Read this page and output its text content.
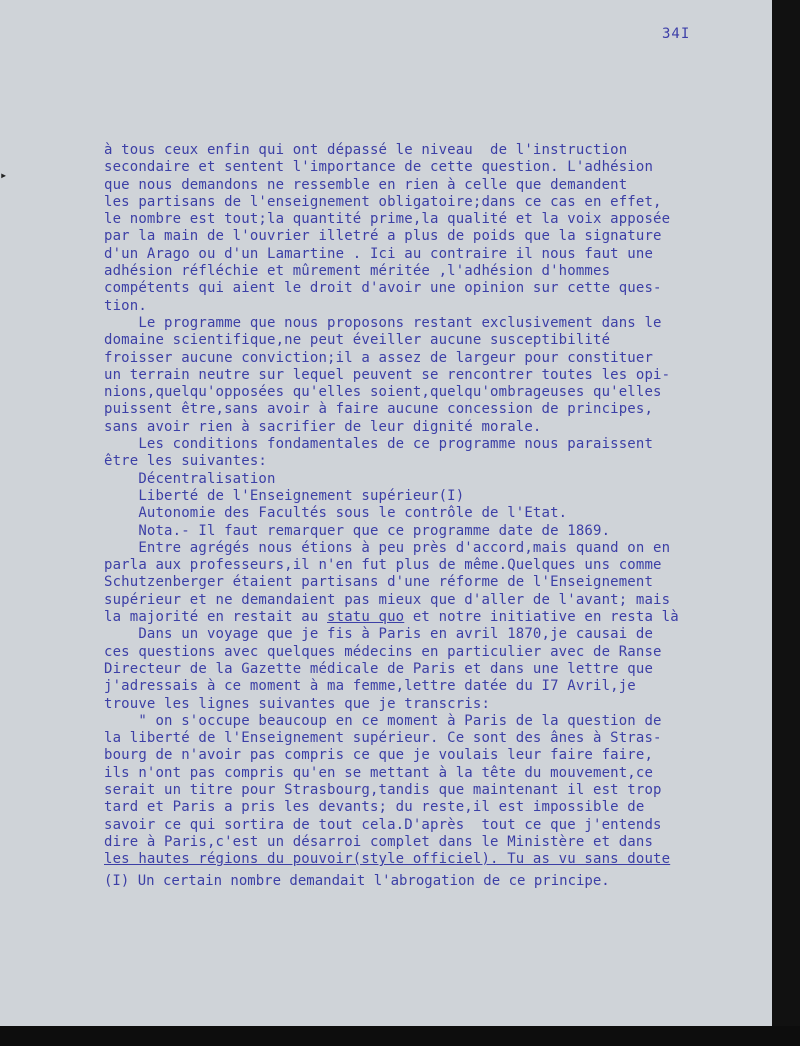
34I
▸
à tous ceux enfin qui ont dépassé le niveau  de l'instruction
secondaire et sentent l'importance de cette question. L'adhésion
que nous demandons ne ressemble en rien à celle que demandent
les partisans de l'enseignement obligatoire;dans ce cas en effet,
le nombre est tout;la quantité prime,la qualité et la voix apposée
par la main de l'ouvrier illetré a plus de poids que la signature
d'un Arago ou d'un Lamartine . Ici au contraire il nous faut une
adhésion réfléchie et mûrement méritée ,l'adhésion d'hommes
compétents qui aient le droit d'avoir une opinion sur cette ques-
tion.
Le programme que nous proposons restant exclusivement dans le
domaine scientifique,ne peut éveiller aucune susceptibilité
froisser aucune conviction;il a assez de largeur pour constituer
un terrain neutre sur lequel peuvent se rencontrer toutes les opi-
nions,quelqu'opposées qu'elles soient,quelqu'ombrageuses qu'elles
puissent être,sans avoir à faire aucune concession de principes,
sans avoir rien à sacrifier de leur dignité morale.
Les conditions fondamentales de ce programme nous paraissent
être les suivantes:
Décentralisation
Liberté de l'Enseignement supérieur(I)
Autonomie des Facultés sous le contrôle de l'Etat.
Nota.- Il faut remarquer que ce programme date de 1869.
Entre agrégés nous étions à peu près d'accord,mais quand on en
parla aux professeurs,il n'en fut plus de même.Quelques uns comme
Schutzenberger étaient partisans d'une réforme de l'Enseignement
supérieur et ne demandaient pas mieux que d'aller de l'avant; mais
la majorité en restait au statu quo et notre initiative en resta là
Dans un voyage que je fis à Paris en avril 1870,je causai de
ces questions avec quelques médecins en particulier avec de Ranse
Directeur de la Gazette médicale de Paris et dans une lettre que
j'adressais à ce moment à ma femme,lettre datée du I7 Avril,je
trouve les lignes suivantes que je transcris:
" on s'occupe beaucoup en ce moment à Paris de la question de
la liberté de l'Enseignement supérieur. Ce sont des ânes à Stras-
bourg de n'avoir pas compris ce que je voulais leur faire faire,
ils n'ont pas compris qu'en se mettant à la tête du mouvement,ce
serait un titre pour Strasbourg,tandis que maintenant il est trop
tard et Paris a pris les devants; du reste,il est impossible de
savoir ce qui sortira de tout cela.D'après  tout ce que j'entends
dire à Paris,c'est un désarroi complet dans le Ministère et dans
les hautes régions du pouvoir(style officiel). Tu as vu sans doute
(I) Un certain nombre demandait l'abrogation de ce principe.
